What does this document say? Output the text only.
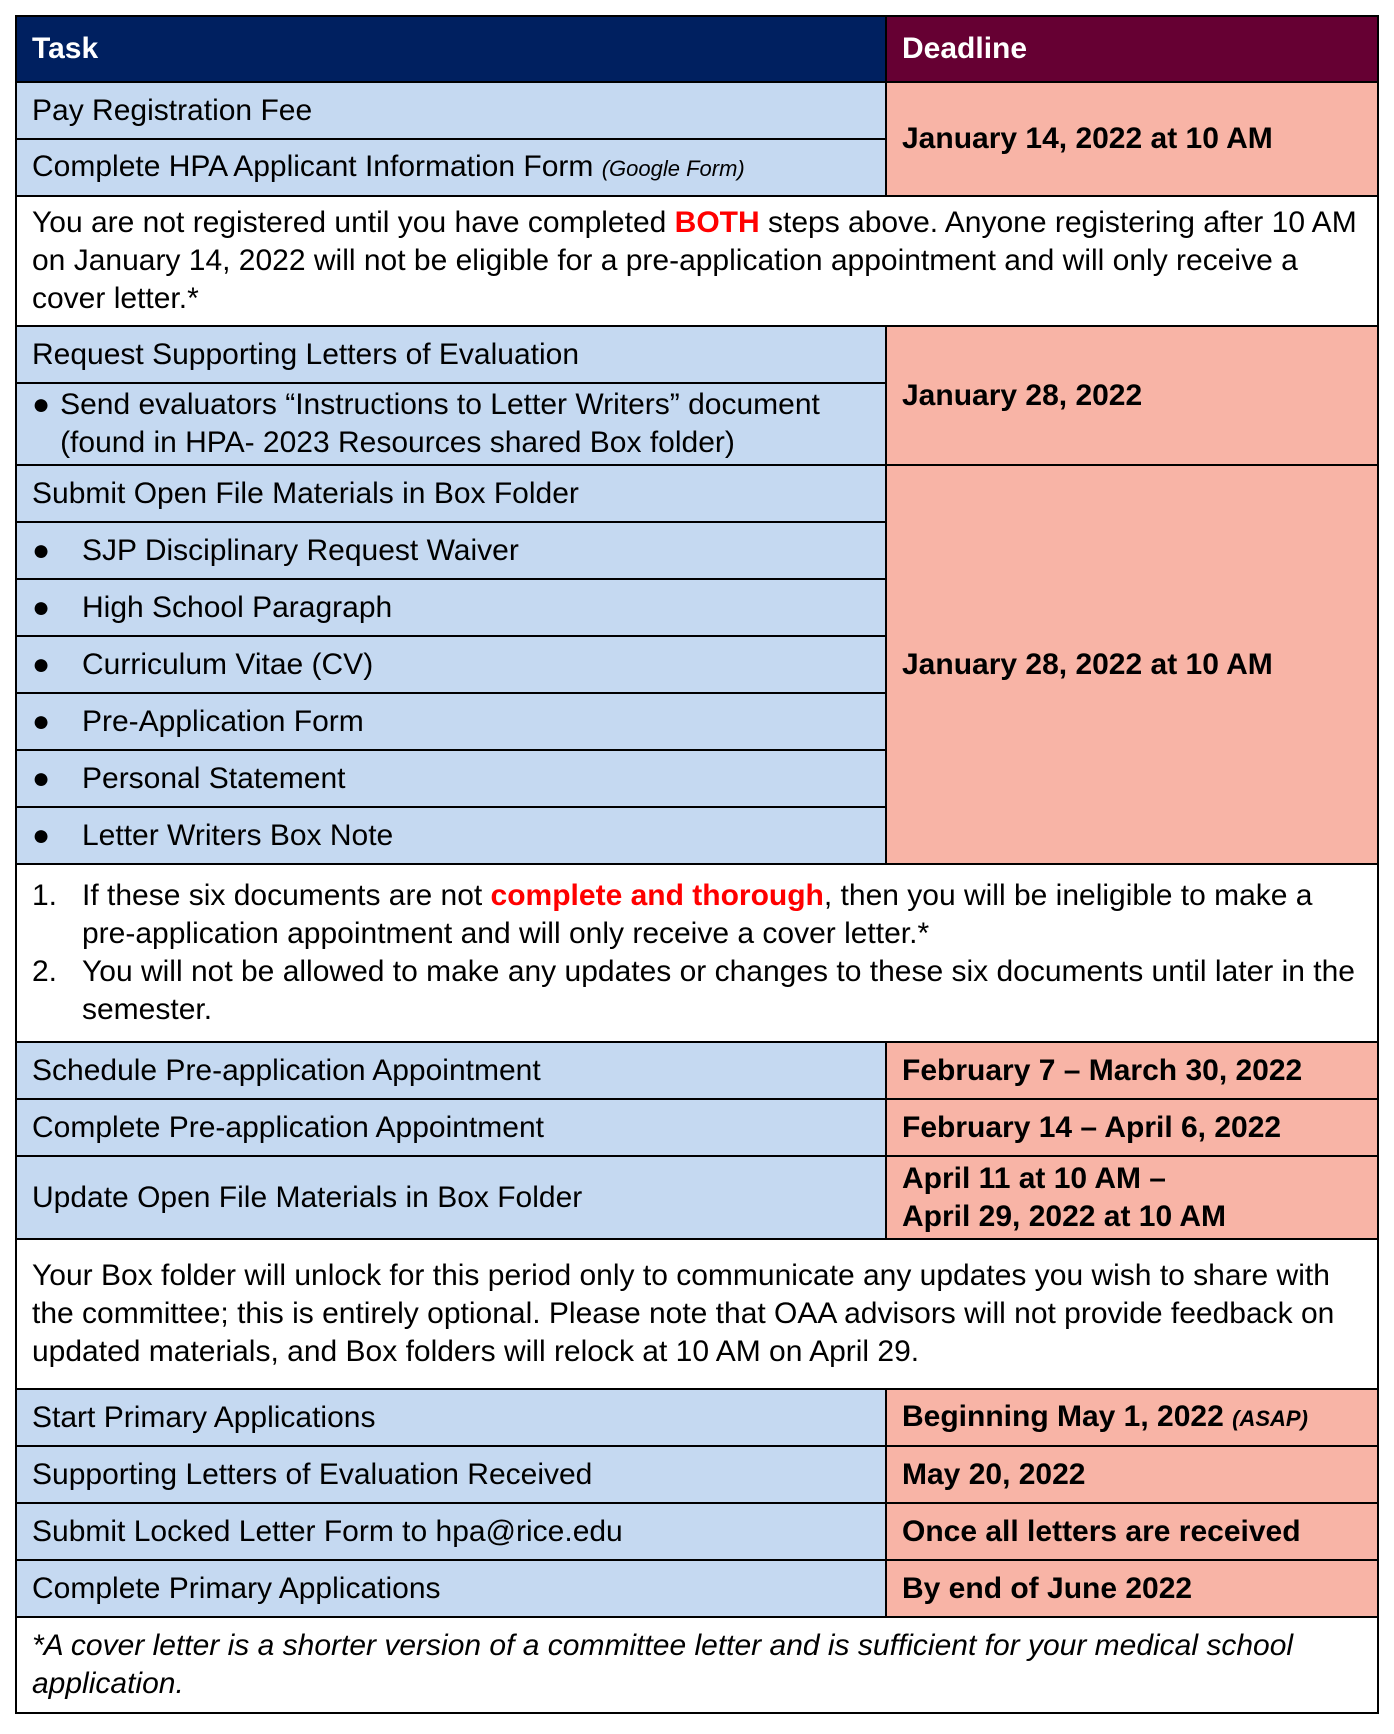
Task	Deadline
Pay Registration Fee	January 14, 2022 at 10 AM
Complete HPA Applicant Information Form (Google Form)	
You are not registered until you have completed BOTH steps above. Anyone registering after 10 AM on January 14, 2022 will not be eligible for a pre-application appointment and will only receive a cover letter.*	
Request Supporting Letters of Evaluation	January 28, 2022

● Send evaluators “Instructions to Letter Writers” document (found in HPA- 2023 Resources shared Box folder)	

Submit Open File Materials in Box Folder	January 28, 2022 at 10 AM
● SJP Disciplinary Request Waiver	
● High School Paragraph	
● Curriculum Vitae (CV)	
● Pre-Application Form	
● Personal Statement	
● Letter Writers Box Note	

1. If these six documents are not complete and thorough, then you will be ineligible to make a pre-application appointment and will only receive a cover letter.*
2. You will not be allowed to make any updates or changes to these six documents until later in the semester.	

Schedule Pre-application Appointment	February 7 – March 30, 2022
Complete Pre-application Appointment	February 14 – April 6, 2022
Update Open File Materials in Box Folder	April 11 at 10 AM –
April 29, 2022 at 10 AM

Your Box folder will unlock for this period only to communicate any updates you wish to share with the committee; this is entirely optional. Please note that OAA advisors will not provide feedback on updated materials, and Box folders will relock at 10 AM on April 29.	
Start Primary Applications	Beginning May 1, 2022 (ASAP)
Supporting Letters of Evaluation Received	May 20, 2022
Submit Locked Letter Form to hpa@rice.edu	Once all letters are received
Complete Primary Applications	By end of June 2022
*A cover letter is a shorter version of a committee letter and is sufficient for your medical school application.	
